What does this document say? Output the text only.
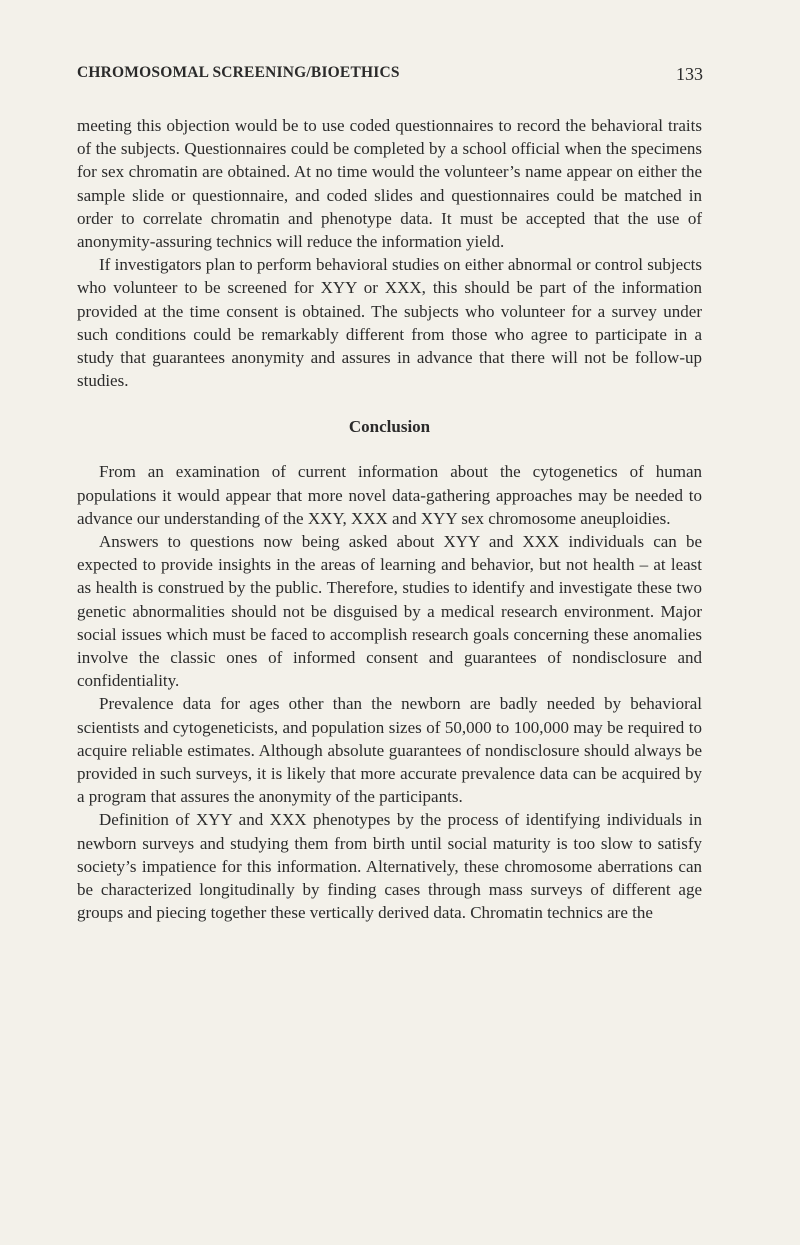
CHROMOSOMAL SCREENING/BIOETHICS	133

meeting this objection would be to use coded questionnaires to record the behavioral traits of the subjects. Questionnaires could be completed by a school official when the specimens for sex chromatin are obtained. At no time would the volunteer’s name appear on either the sample slide or questionnaire, and coded slides and questionnaires could be matched in order to correlate chromatin and phenotype data. It must be accepted that the use of anonymity-assuring technics will reduce the information yield.

If investigators plan to perform behavioral studies on either abnormal or control subjects who volunteer to be screened for XYY or XXX, this should be part of the information provided at the time consent is obtained. The subjects who volunteer for a survey under such conditions could be remarkably different from those who agree to participate in a study that guarantees anonymity and assures in advance that there will not be follow-up studies.

Conclusion

From an examination of current information about the cytogenetics of human populations it would appear that more novel data-gathering approaches may be needed to advance our understanding of the XXY, XXX and XYY sex chromosome aneuploidies.

Answers to questions now being asked about XYY and XXX individuals can be expected to provide insights in the areas of learning and behavior, but not health – at least as health is construed by the public. Therefore, studies to identify and investigate these two genetic abnormalities should not be disguised by a medical research environment. Major social issues which must be faced to accomplish research goals concerning these anomalies involve the classic ones of informed consent and guarantees of nondisclosure and confidentiality.

Prevalence data for ages other than the newborn are badly needed by behavioral scientists and cytogeneticists, and population sizes of 50,000 to 100,000 may be required to acquire reliable estimates. Although absolute guarantees of nondisclosure should always be provided in such surveys, it is likely that more accurate prevalence data can be acquired by a program that assures the anonymity of the participants.

Definition of XYY and XXX phenotypes by the process of identifying individuals in newborn surveys and studying them from birth until social maturity is too slow to satisfy society’s impatience for this information. Alternatively, these chromosome aberrations can be characterized longitudinally by finding cases through mass surveys of different age groups and piecing together these vertically derived data. Chromatin technics are the
